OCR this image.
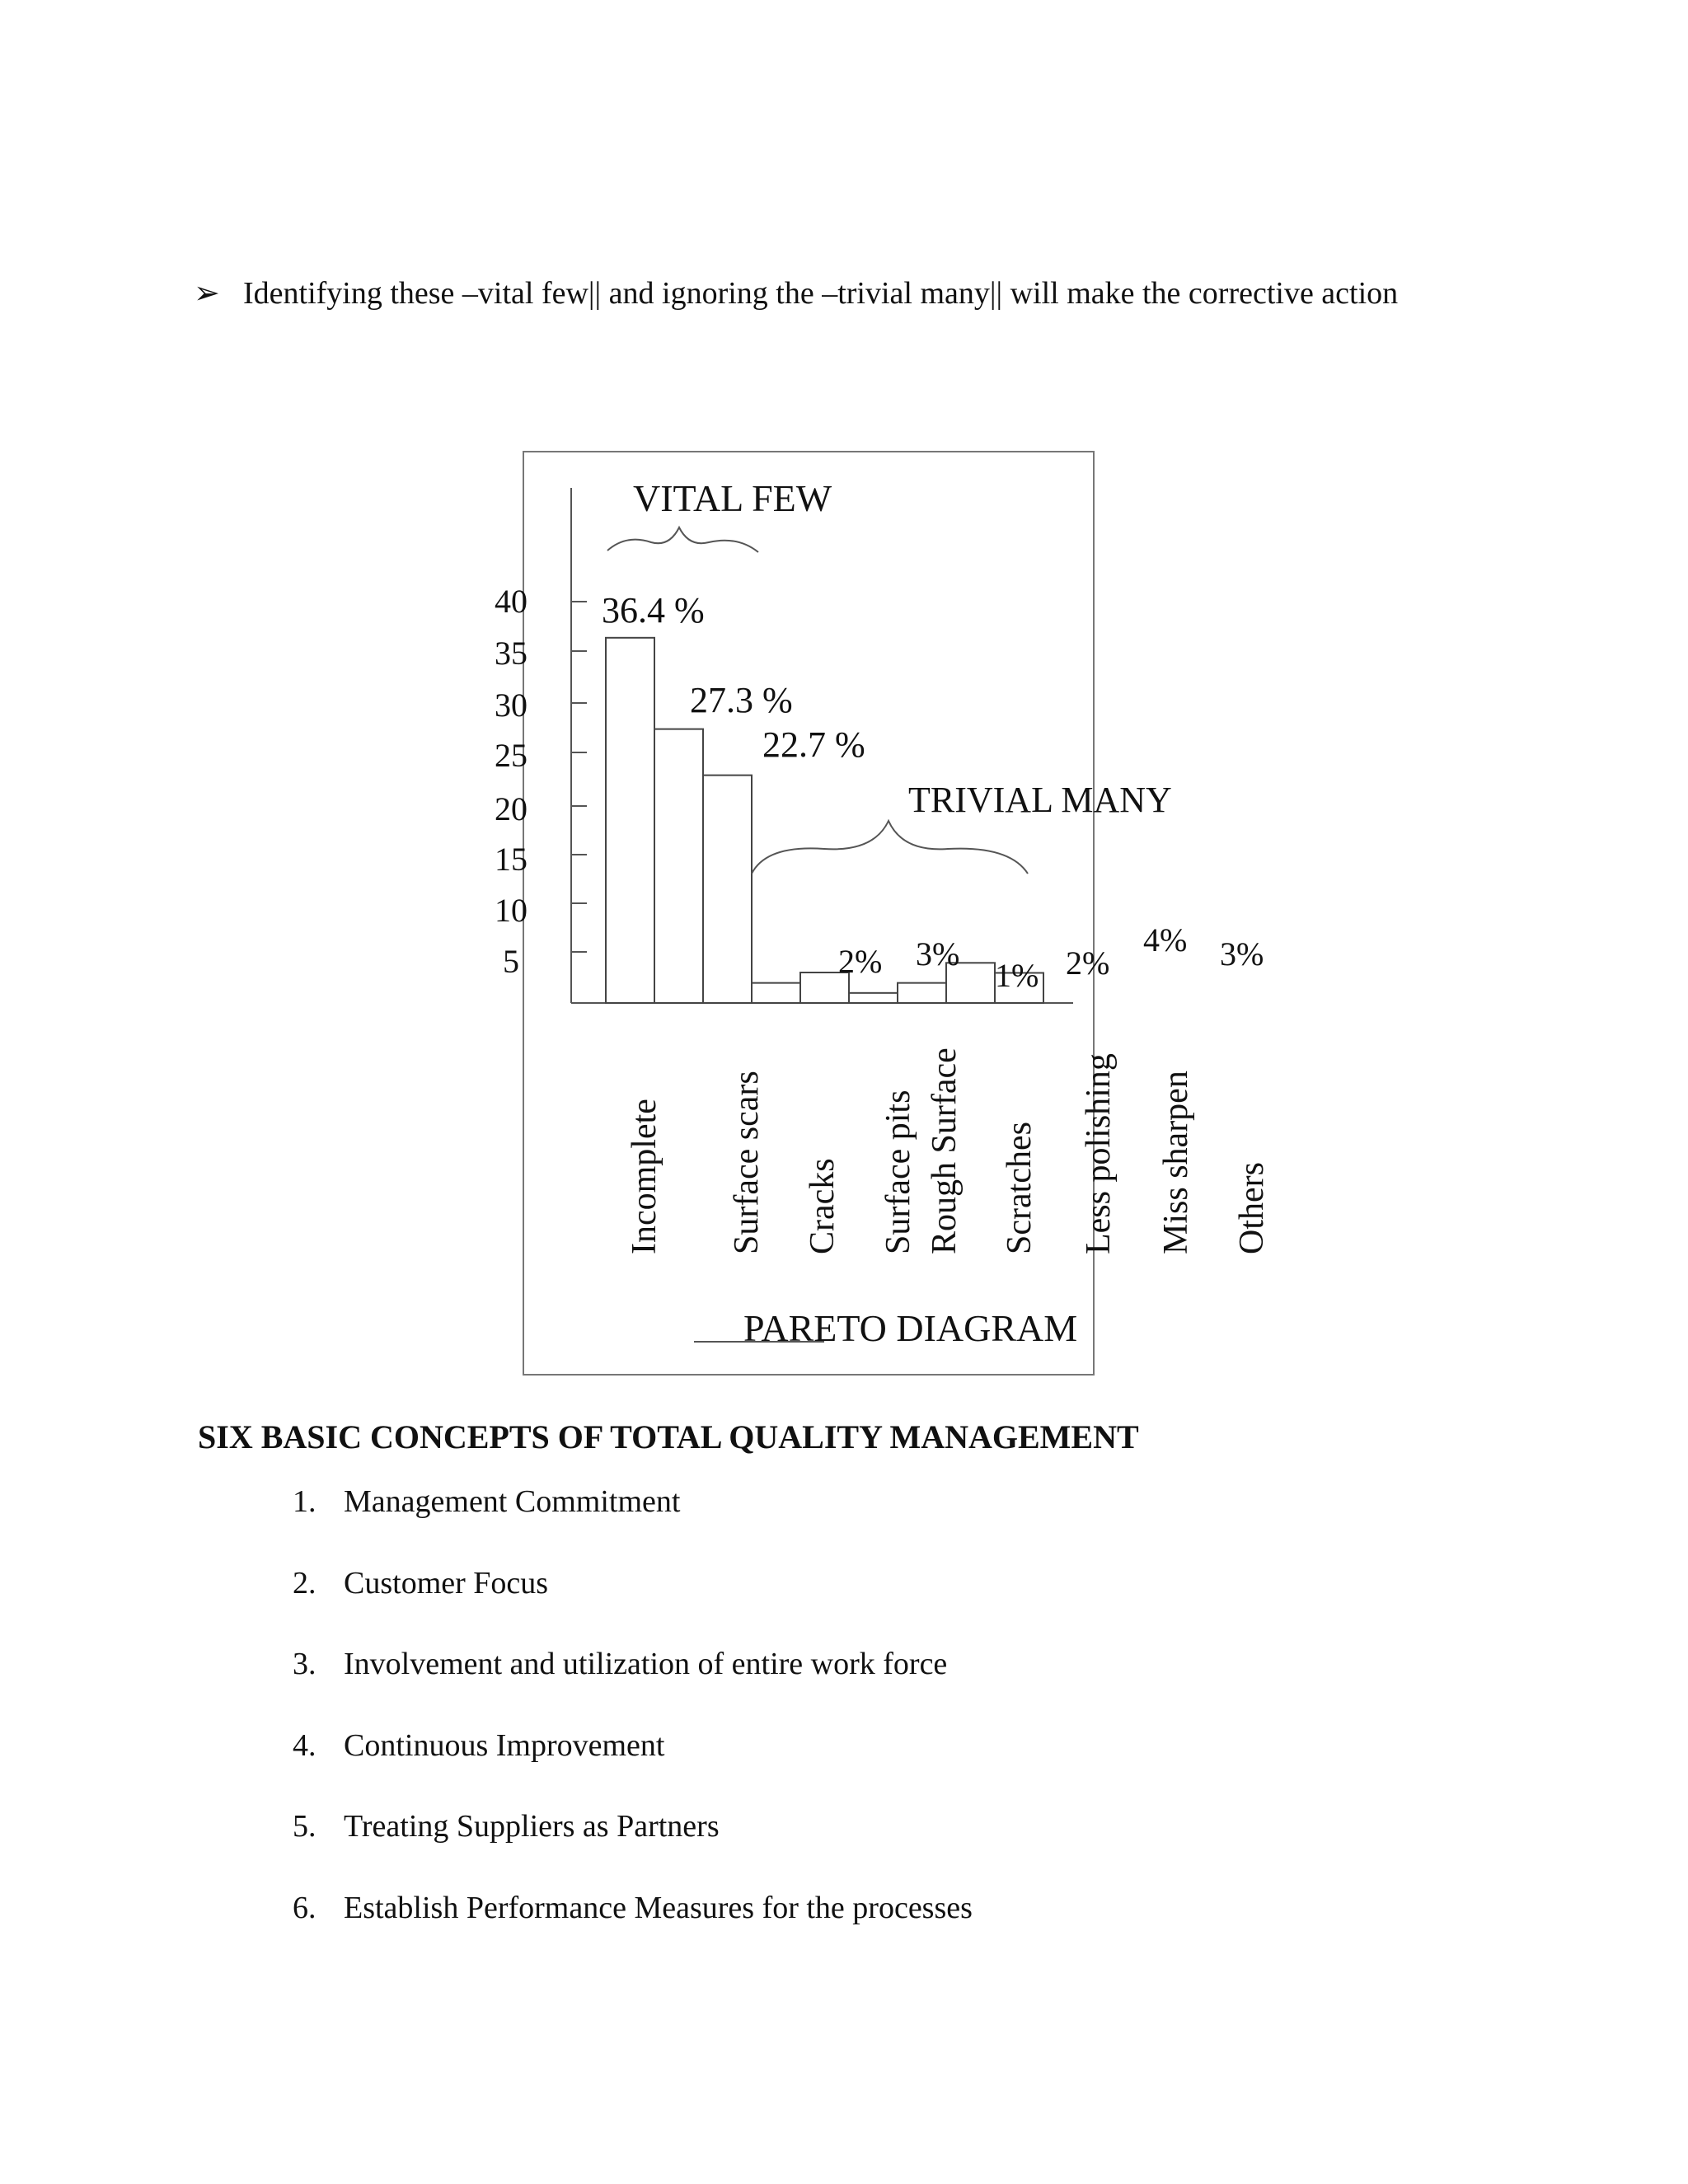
➢ Identifying these –vital few|| and ignoring the –trivial many|| will make the corrective action
40
35
30
25
20
15
10
5
36.4 %
27.3 %
22.7 %
2% 3%
1% 2%
4% 3%
Incomplete Surface scars Cracks Surface pits Rough Surface Scratches Less polishing Miss sharpen Others
VITAL FEW
TRIVIAL MANY
PARETO DIAGRAM
SIX BASIC CONCEPTS OF TOTAL QUALITY MANAGEMENT
1. Management Commitment
2. Customer Focus
3. Involvement and utilization of entire work force
4. Continuous Improvement
5. Treating Suppliers as Partners
6. Establish Performance Measures for the processes
